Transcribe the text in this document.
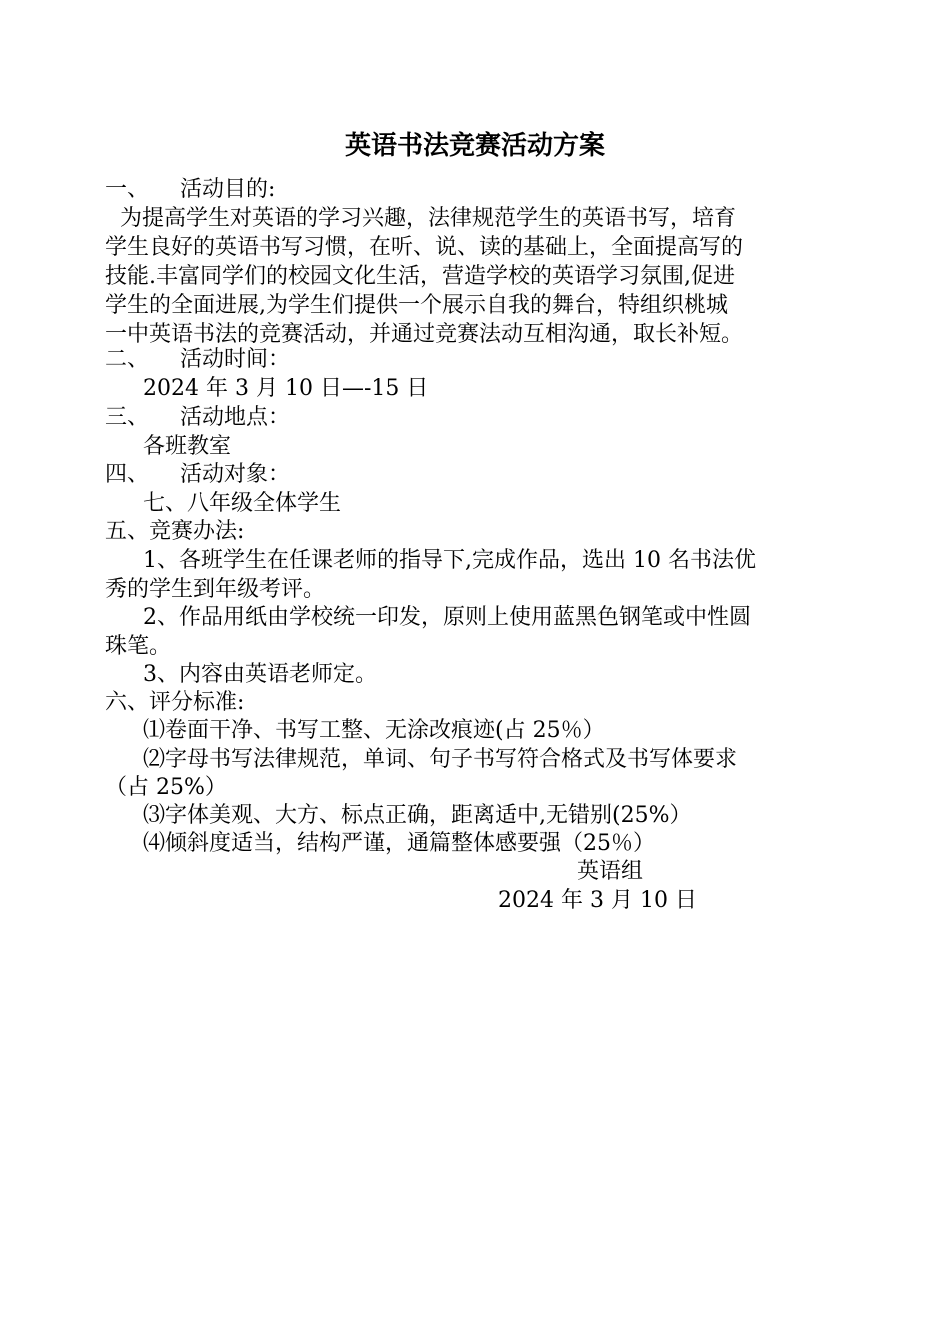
英语书法竞赛活动方案
一、 活动目的:
为提高学生对英语的学习兴趣，法律规范学生的英语书写，培育
学生良好的英语书写习惯，在听、说、读的基础上，全面提高写的
技能.丰富同学们的校园文化生活，营造学校的英语学习氛围,促进
学生的全面进展,为学生们提供一个展示自我的舞台，特组织桃城
一中英语书法的竞赛活动，并通过竞赛法动互相沟通，取长补短。
二、 活动时间：
2024 年 3 月 10 日—-15 日
三、 活动地点：
各班教室
四、 活动对象：
七、八年级全体学生
五、竞赛办法:
1、各班学生在任课老师的指导下,完成作品，选出 10 名书法优
秀的学生到年级考评。
2、作品用纸由学校统一印发，原则上使用蓝黑色钢笔或中性圆
珠笔。
3、内容由英语老师定。
六、评分标准:
⑴卷面干净、书写工整、无涂改痕迹(占 25％）
⑵字母书写法律规范，单词、句子书写符合格式及书写体要求
（占 25%）
⑶字体美观、大方、标点正确，距离适中,无错别(25%）
⑷倾斜度适当，结构严谨，通篇整体感要强（25％）
英语组
2024 年 3 月 10 日
